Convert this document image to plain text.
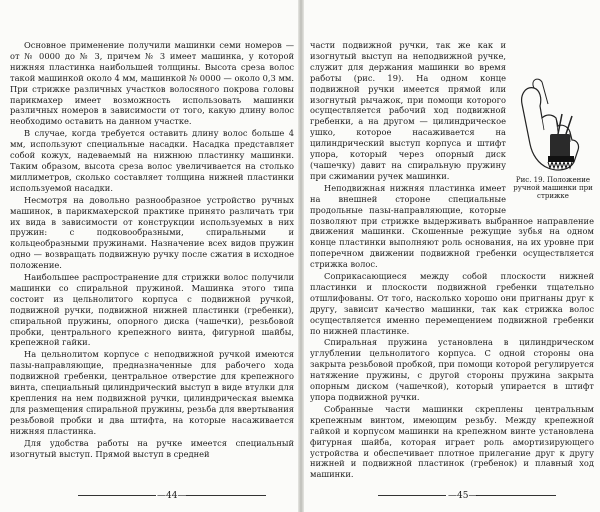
Основное применение получили машинки семи номеров — от № 0000 до № 3, причем № 3 имеет машинка, у которой нижняя пластинка наибольшей толщины. Высота среза волос такой машинкой около 4 мм, машинкой № 0000 — около 0,3 мм. При стрижке различных участков волосяного покрова головы парикмахер имеет возможность использовать машинки различных номеров в зависимости от того, какую длину волос необходимо оставить на данном участке.

В случае, когда требуется оставить длину волос больше 4 мм, используют специальные насадки. Насадка представляет собой кожух, надеваемый на нижнюю пластинку машинки. Таким образом, высота среза волос увеличивается на столько миллиметров, сколько составляет толщина нижней пластинки используемой насадки.

Несмотря на довольно разнообразное устройство ручных машинок, в парикмахерской практике принято различать три их вида в зависимости от конструкции используемых в них пружин: с подковообразными, спиральными и кольцеобразными пружинами. Назначение всех видов пружин одно — возвращать подвижную ручку после сжатия в исходное положение.

Наибольшее распространение для стрижки волос получили машинки со спиральной пружиной. Машинка этого типа состоит из цельнолитого корпуса с подвижной ручкой, подвижной ручки, подвижной нижней пластинки (гребенки), спиральной пружины, опорного диска (чашечки), резьбовой пробки, центрального крепежного винта, фигурной шайбы, крепежной гайки.

На цельнолитом корпусе с неподвижной ручкой имеются пазы-направляющие, предназначенные для рабочего хода подвижной гребенки, центральное отверстие для крепежного винта, специальный цилиндрический выступ в виде втулки для крепления на нем подвижной ручки, цилиндрическая выемка для размещения спиральной пружины, резьба для ввертывания резьбовой пробки и два штифта, на которые насаживается нижняя пластинка.

Для удобства работы на ручке имеется специальный изогнутый выступ. Прямой выступ в средней

—44—
Рис. 19. Положение ручной машинки при стрижке

части подвижной ручки, так же как и изогнутый выступ на неподвижной ручке, служит для держания машинки во время работы (рис. 19). На одном конце подвижной ручки имеется прямой или изогнутый рычажок, при помощи которого осуществляется рабочий ход подвижной гребенки, а на другом — цилиндрическое ушко, которое насаживается на цилиндрический выступ корпуса и штифт упора, который через опорный диск (чашечку) давит на спиральную пружину при сжимании ручек машинки.

Неподвижная нижняя пластинка имеет на внешней стороне специальные продольные пазы-направляющие, которые позволяют при стрижке выдерживать выбранное направление движения машинки. Скошенные режущие зубья на одном конце пластинки выполняют роль основания, на их уровне при поперечном движении подвижной гребенки осуществляется стрижка волос.

Соприкасающиеся между собой плоскости нижней пластинки и плоскости подвижной гребенки тщательно отшлифованы. От того, насколько хорошо они пригнаны друг к другу, зависит качество машинки, так как стрижка волос осуществляется именно перемещением подвижной гребенки по нижней пластинке.

Спиральная пружина установлена в цилиндрическом углублении цельнолитого корпуса. С одной стороны она закрыта резьбовой пробкой, при помощи которой регулируется натяжение пружины, с другой стороны пружина закрыта опорным диском (чашечкой), который упирается в штифт упора подвижной ручки.

Собранные части машинки скреплены центральным крепежным винтом, имеющим резьбу. Между крепежной гайкой и корпусом машинки на крепежном винте установлена фигурная шайба, которая играет роль амортизирующего устройства и обеспечивает плотное прилегание друг к другу нижней и подвижной пластинок (гребенок) и плавный ход машинки.

—45—
